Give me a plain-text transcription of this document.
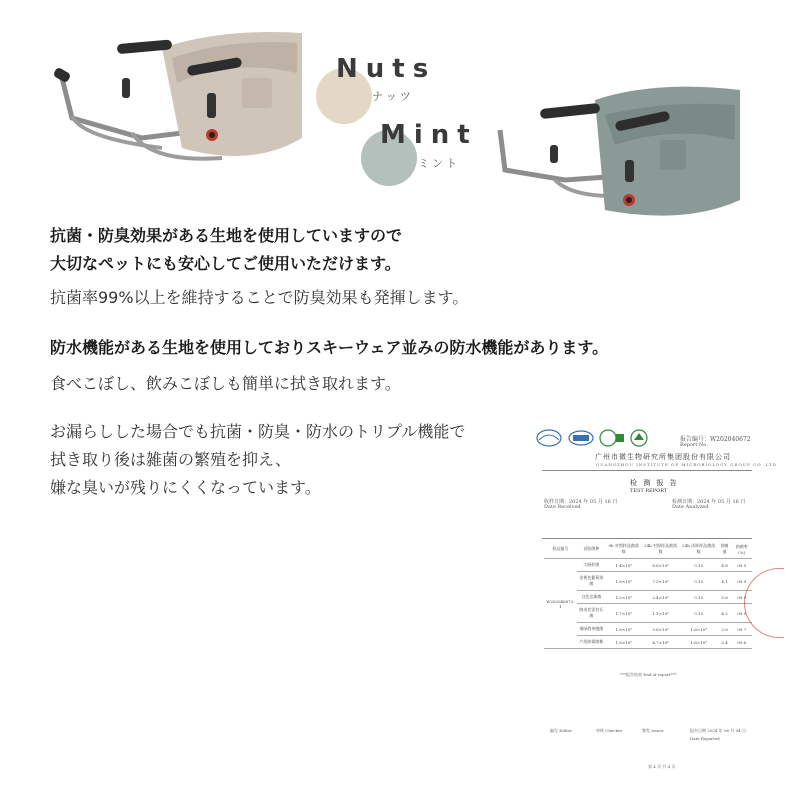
Nuts
ナッツ
Mint
ミント
抗菌・防臭効果がある生地を使用していますので
大切なペットにも安心してご使用いただけます。
抗菌率99%以上を維持することで防臭効果も発揮します。
防水機能がある生地を使用しておりスキーウェア並みの防水機能があります。
食べこぼし、飲みこぼしも簡単に拭き取れます。
お漏らしした場合でも抗菌・防臭・防水のトリプル機能で
拭き取り後は雑菌の繁殖を抑え、
嫌な臭いが残りにくくなっています。
报告编号：W202040672
Report No.
广州市微生物研究所集团股份有限公司
GUANGZHOU INSTITUTE OF MICROBIOLOGY GROUP CO.,LTD
检 测 报 告
TEST REPORT
收样日期：2024 年 05 月 16 日
Date Received
检测日期：2024 年 05 月 16 日
Date Analyzed
样品编号	试验菌种	0h 对照样品菌落数	24h 对照样品菌落数	24h 试样样品菌落数	抑菌值	抑菌率(%)
W202040672-1	大肠杆菌	1.4×10⁵	8.6×10⁶	0.13	4.8	99.9
	金黄色葡萄球菌	1.6×10⁵	7.5×10⁶	0.13	4.1	99.9
	白色念珠菌	1.2×10⁵	2.4×10⁶	0.13	5.6	99.9
	肺炎克雷伯氏菌	1.7×10⁵	1.1×10⁶	0.13	4.2	99.9
	铜绿假单胞菌	1.6×10⁵	9.6×10⁶	1.6×10⁴	2.6	99.7
	产黑曲霉菌株	1.6×10⁵	4.7×10⁶	1.6×10⁴	2.4	99.6
***报告结束 End of report***
编写 Editor	审核 Checker	签发 Issuer	报告日期 2024 年 06 月 04 日
Date Reported
第 4 页 共 4 页
